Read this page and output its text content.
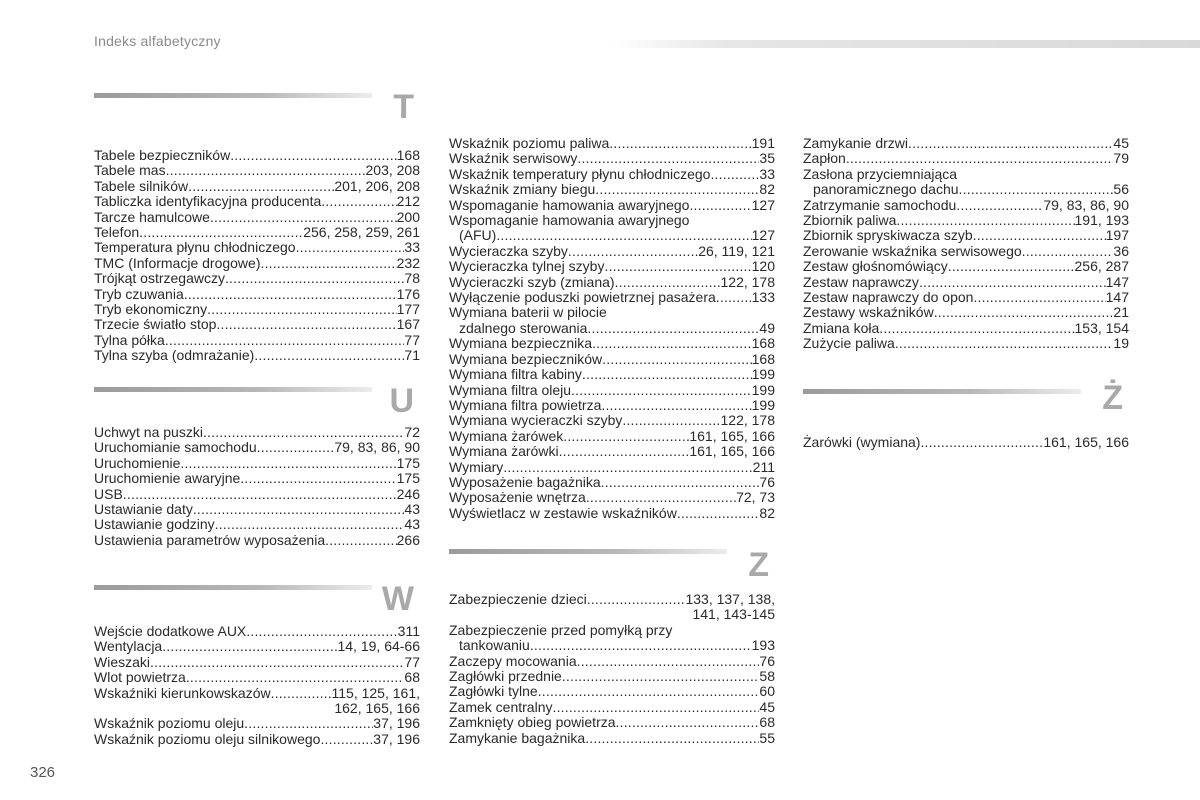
Indeks alfabetyczny
T
Tabele bezpieczników .....	168
Tabele mas .....	203, 208
Tabele silników .....	201, 206, 208
Tabliczka identyfikacyjna producenta .....	212
Tarcze hamulcowe .....	200
Telefon .....	256, 258, 259, 261
Temperatura płynu chłodniczego .....	33
TMC (Informacje drogowe) .....	232
Trójkąt ostrzegawczy .....	78
Tryb czuwania .....	176
Tryb ekonomiczny .....	177
Trzecie światło stop .....	167
Tylna półka .....	77
Tylna szyba (odmrażanie) .....	71
U
Uchwyt na puszki .....	72
Uruchomianie samochodu .....	79, 83, 86, 90
Uruchomienie .....	175
Uruchomienie awaryjne .....	175
USB .....	246
Ustawianie daty .....	43
Ustawianie godziny .....	43
Ustawienia parametrów wyposażenia .....	266
W
Wejście dodatkowe AUX .....	311
Wentylacja .....	14, 19, 64-66
Wieszaki .....	77
Wlot powietrza .....	68
Wskaźniki kierunkowskazów .....	115, 125, 161,
162, 165, 166
Wskaźnik poziomu oleju .....	37, 196
Wskaźnik poziomu oleju silnikowego .....	37, 196
Wskaźnik poziomu paliwa .....	191
Wskaźnik serwisowy .....	35
Wskaźnik temperatury płynu chłodniczego .....	33
Wskaźnik zmiany biegu .....	82
Wspomaganie hamowania awaryjnego .....	127
Wspomaganie hamowania awaryjnego
(AFU) .....	127
Wycieraczka szyby .....	26, 119, 121
Wycieraczka tylnej szyby .....	120
Wycieraczki szyb (zmiana) .....	122, 178
Wyłączenie poduszki powietrznej pasażera .....	133
Wymiana baterii w pilocie
zdalnego sterowania .....	49
Wymiana bezpiecznika .....	168
Wymiana bezpieczników .....	168
Wymiana filtra kabiny .....	199
Wymiana filtra oleju .....	199
Wymiana filtra powietrza .....	199
Wymiana wycieraczki szyby .....	122, 178
Wymiana żarówek .....	161, 165, 166
Wymiana żarówki .....	161, 165, 166
Wymiary .....	211
Wyposażenie bagażnika .....	76
Wyposażenie wnętrza .....	72, 73
Wyświetlacz w zestawie wskaźników .....	82
Z
Zabezpieczenie dzieci .....	133, 137, 138,
141, 143-145
Zabezpieczenie przed pomyłką przy
tankowaniu .....	193
Zaczepy mocowania .....	76
Zagłówki przednie .....	58
Zagłówki tylne .....	60
Zamek centralny .....	45
Zamknięty obieg powietrza .....	68
Zamykanie bagażnika .....	55
Zamykanie drzwi .....	45
Zapłon .....	79
Zasłona przyciemniająca
panoramicznego dachu .....	56
Zatrzymanie samochodu .....	79, 83, 86, 90
Zbiornik paliwa .....	191, 193
Zbiornik spryskiwacza szyb .....	197
Zerowanie wskaźnika serwisowego .....	36
Zestaw głośnomówiący .....	256, 287
Zestaw naprawczy .....	147
Zestaw naprawczy do opon .....	147
Zestawy wskaźników .....	21
Zmiana koła .....	153, 154
Zużycie paliwa .....	19
Ż
Żarówki (wymiana) .....	161, 165, 166
326
